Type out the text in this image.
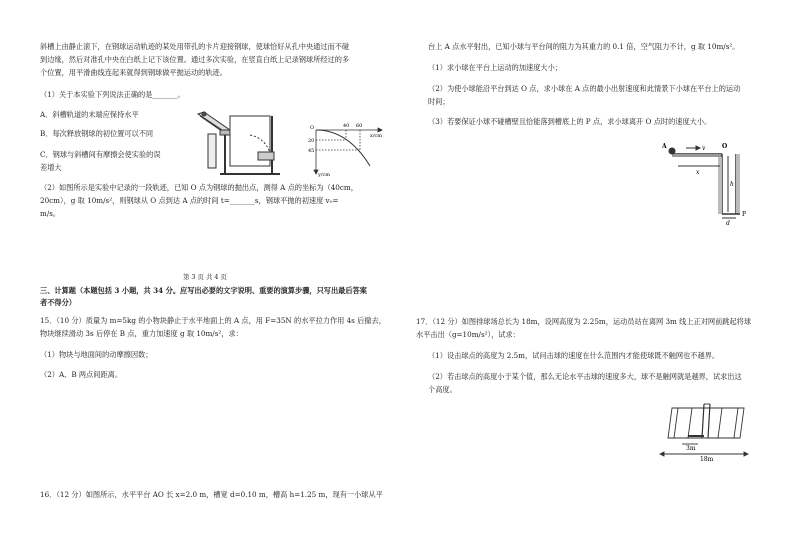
斜槽上由静止滚下，在钢球运动轨迹的某处用带孔的卡片迎接钢球，使球恰好从孔中央通过而不碰
到边缘，然后对准孔中央在白纸上记下该位置。通过多次实验，在竖直白纸上记录钢球所经过的多
个位置，用平滑曲线连起来就得到钢球做平抛运动的轨迹。
（1）关于本实验下列说法正确的是_______。
A．斜槽轨道的末端应保持水平
B．每次释放钢球的初位置可以不同
C．钢球与斜槽间有摩擦会使实验的误
差增大
40 60
x/cm
20
45
y/cm
O
（2）如图所示是实验中记录的一段轨迹，已知 O 点为钢球的抛出点，测得 A 点的坐标为（40cm，
20cm），g 取 10m/s²，则钢球从 O 点到达 A 点的时间 t=_______s，钢球平抛的初速度 v₀=
m/s。
第 3 页 共 4 页
三、计算题（本题包括 3 小题，共 34 分。应写出必要的文字说明、重要的演算步骤，只写出最后答案
者不得分）
15．（10 分）质量为 m=5kg 的小物块静止于水平地面上的 A 点，用 F=35N 的水平拉力作用 4s 后撤去，
物块继续滑动 3s 后停在 B 点，重力加速度 g 取 10m/s²，求：
（1）物块与地面间的动摩擦因数；
（2）A、B 两点间距离。
16．（12 分）如图所示，水平平台 AO 长 x=2.0 m，槽宽 d=0.10 m，槽高 h=1.25 m，现有一小球从平
台上 A 点水平射出，已知小球与平台间的阻力为其重力的 0.1 倍，空气阻力不计，g 取 10m/s²。
（1）求小球在平台上运动的加速度大小；
（2）为使小球能沿平台到达 O 点，求小球在 A 点的最小出射速度和此情景下小球在平台上的运动
时间；
（3）若要保证小球不碰槽壁且恰能落到槽底上的 P 点，求小球离开 O 点时的速度大小。
A	v	O
x
h
d
P
17．（12 分）如图排球场总长为 18m，设网高度为 2.25m，运动员站在离网 3m 线上正对网前跳起将球
水平击出（g=10m/s²），试求：
（1）设击球点的高度为 2.5m，试问击球的速度在什么范围内才能使球既不触网也不越界。
（2）若击球点的高度小于某个值，那么无论水平击球的速度多大，球不是触网就是越界，试求出这
个高度。
3m
18m
